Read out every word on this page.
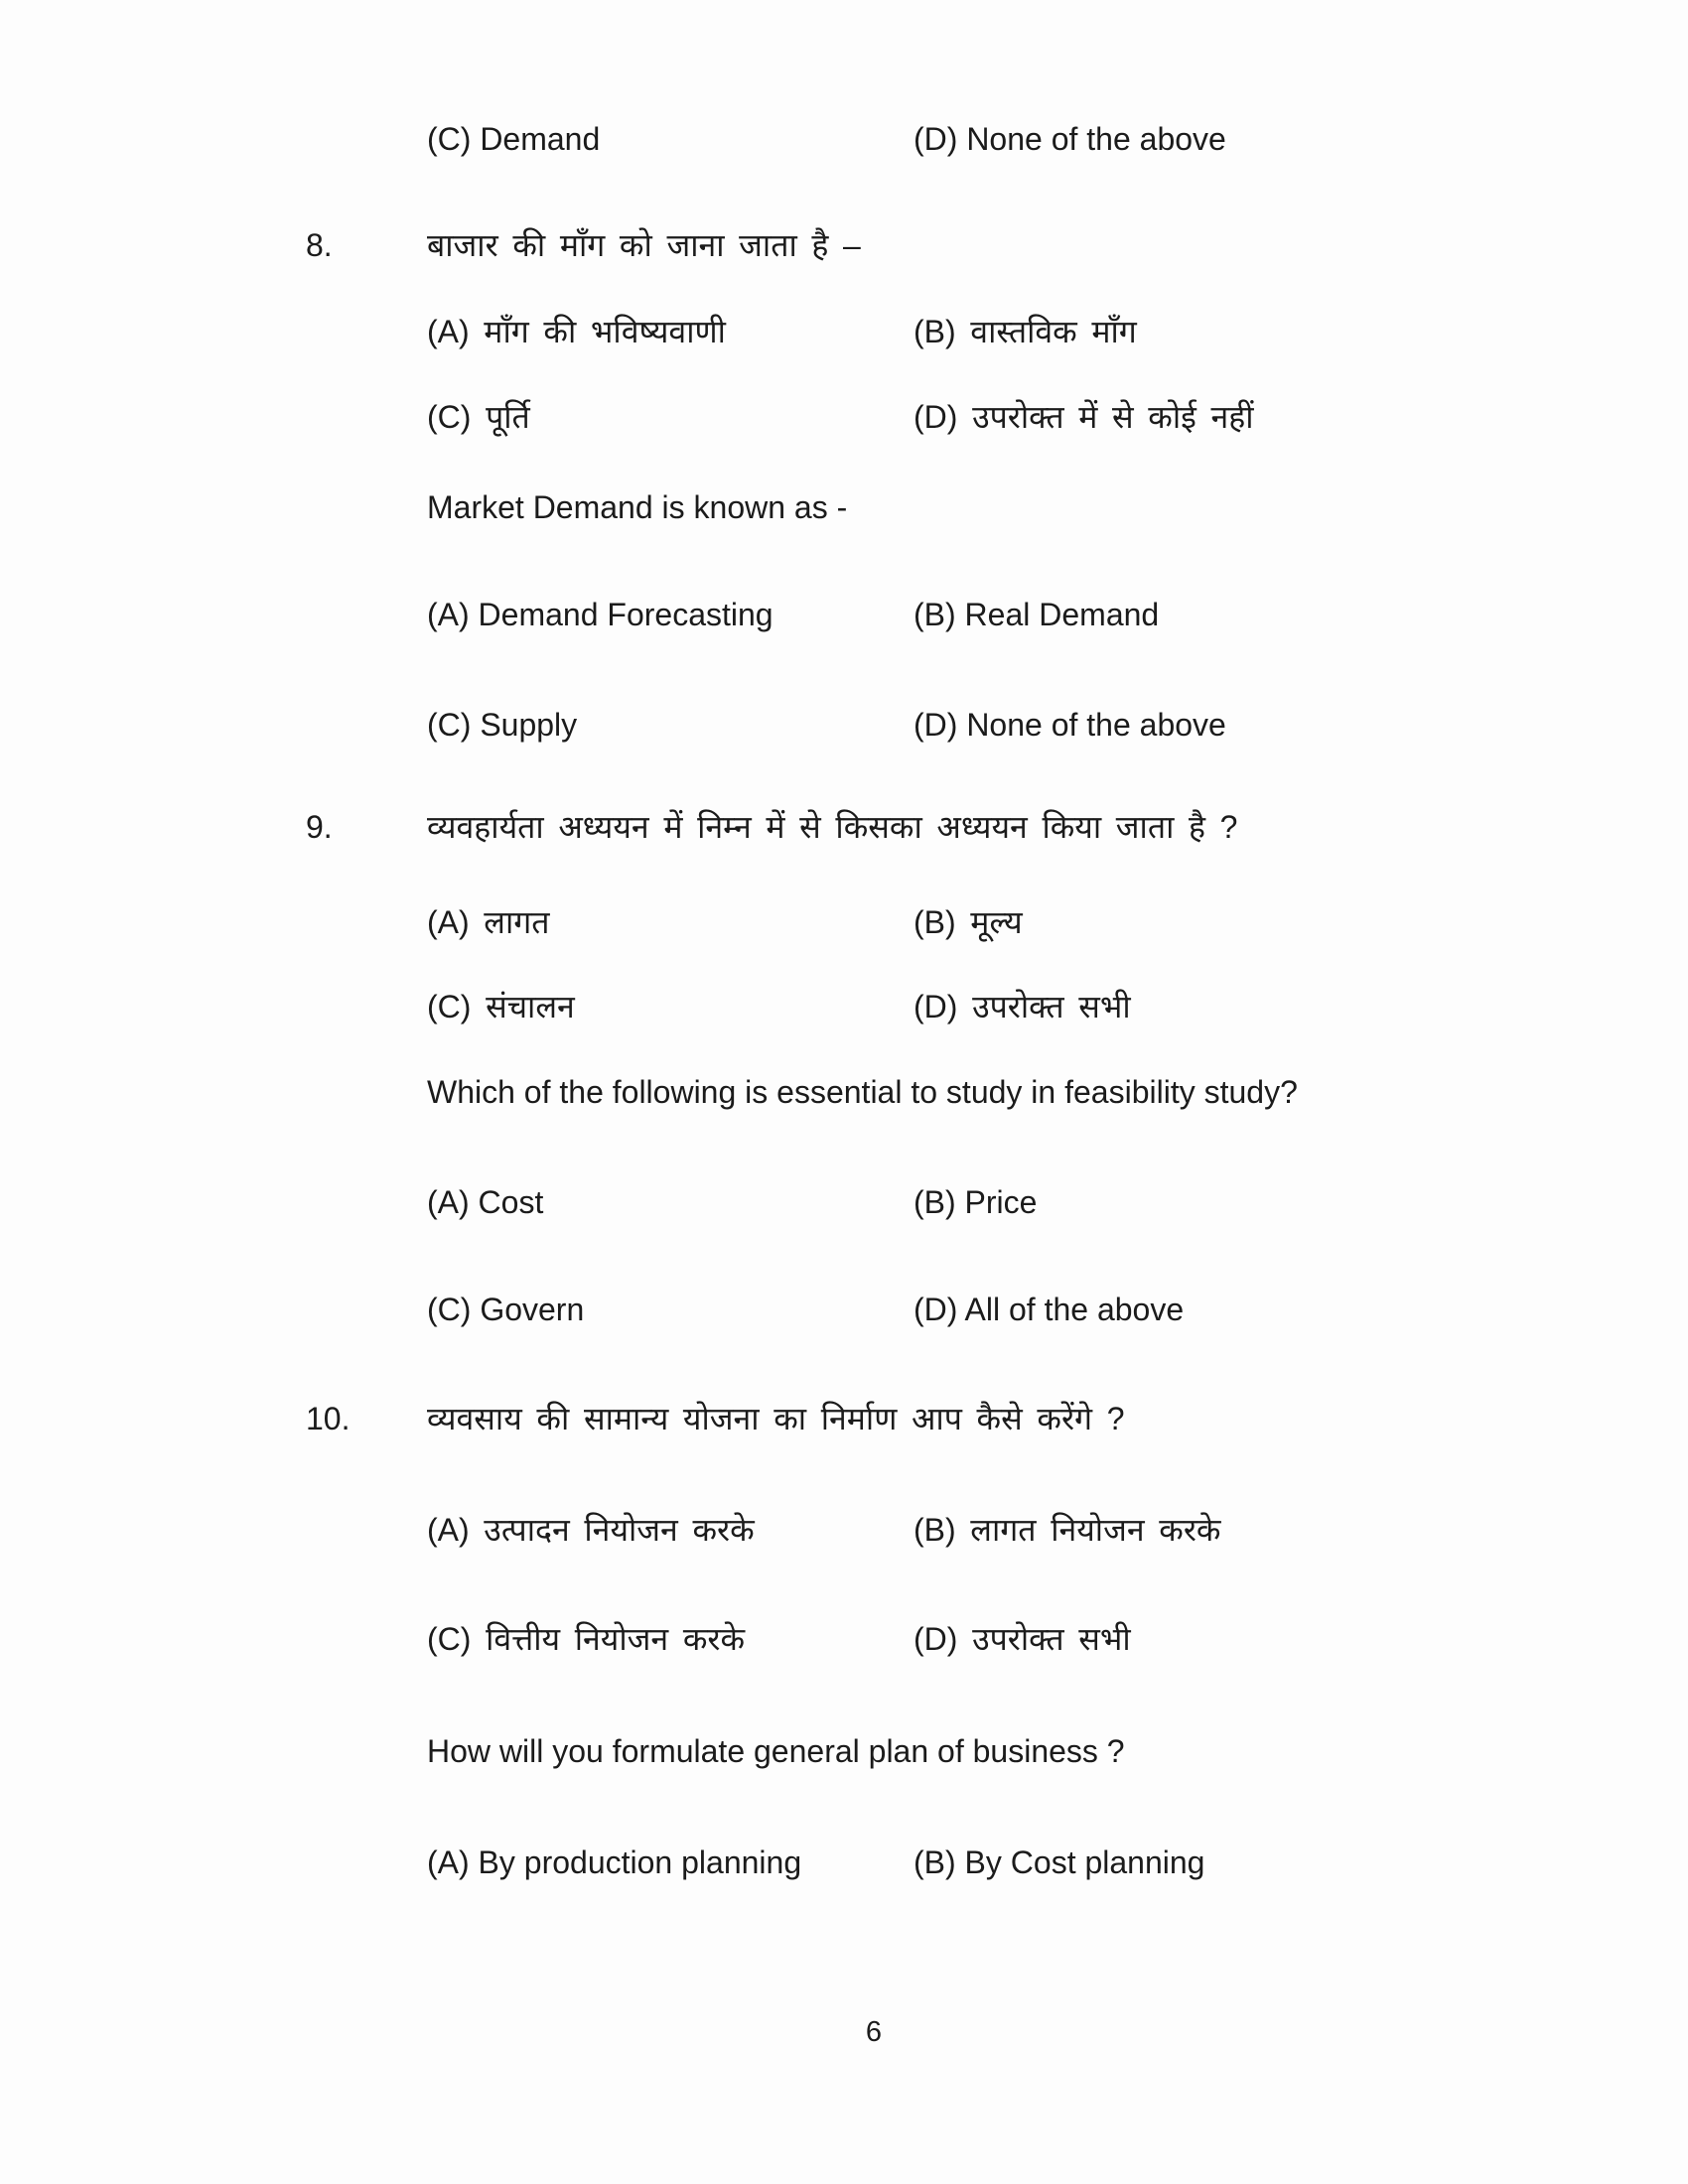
(C) Demand	(D) None of the above
8.	बाजार की माँग को जाना जाता है –
(A) माँग की भविष्यवाणी	(B) वास्तविक माँग
(C) पूर्ति	(D) उपरोक्त में से कोई नहीं
Market Demand is known as -
(A) Demand Forecasting	(B) Real Demand
(C) Supply	(D) None of the above
9.	व्यवहार्यता अध्ययन में निम्न में से किसका अध्ययन किया जाता है ?
(A) लागत	(B) मूल्य
(C) संचालन	(D) उपरोक्त सभी
Which of the following is essential to study in feasibility study?
(A) Cost	(B) Price
(C) Govern	(D) All of the above
10. व्यवसाय की सामान्य योजना का निर्माण आप कैसे करेंगे ?
(A) उत्पादन नियोजन करके	(B) लागत नियोजन करके
(C) वित्तीय नियोजन करके	(D) उपरोक्त सभी
How will you formulate general plan of business ?
(A) By production planning	(B) By Cost planning
6
